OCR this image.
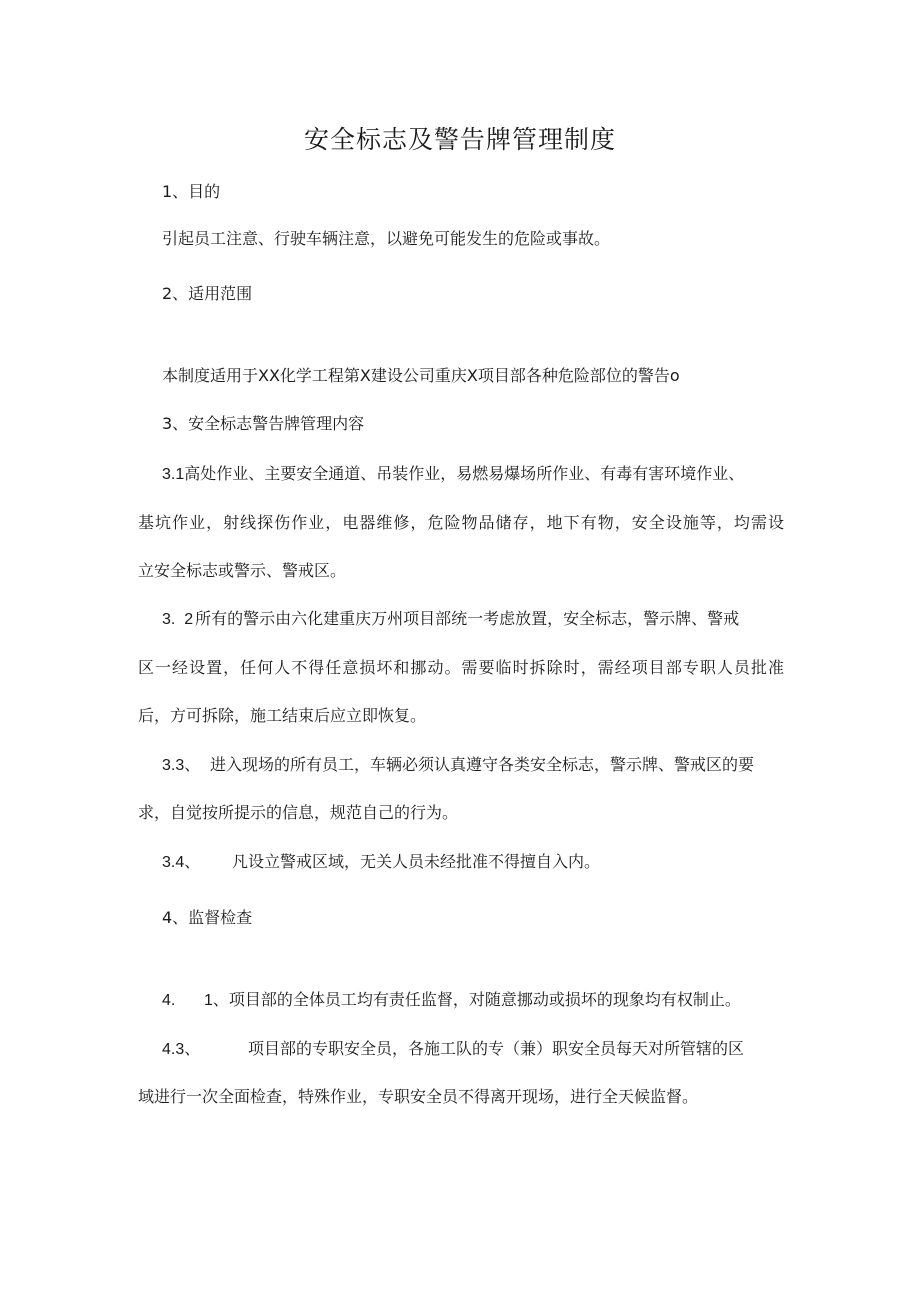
安全标志及警告牌管理制度
1、目的
引起员工注意、行驶车辆注意，以避免可能发生的危险或事故。
2、适用范围
本制度适用于XX化学工程第X建设公司重庆X项目部各种危险部位的警告o
3、安全标志警告牌管理内容
3.1高处作业、主要安全通道、吊装作业，易燃易爆场所作业、有毒有害环境作业、
基坑作业，射线探伤作业，电器维修，危险物品储存，地下有物，安全设施等，均需设
立安全标志或警示、警戒区。
3.  2 所有的警示由六化建重庆万州项目部统一考虑放置，安全标志，警示牌、警戒
区一经设置，任何人不得任意损坏和挪动。需要临时拆除时，需经项目部专职人员批准
后，方可拆除，施工结束后应立即恢复。
3.3、 进入现场的所有员工，车辆必须认真遵守各类安全标志，警示牌、警戒区的要
求，自觉按所提示的信息，规范自己的行为。
3.4、 凡设立警戒区域，无关人员未经批准不得擅自入内。
4、监督检查
4. 1、项目部的全体员工均有责任监督，对随意挪动或损坏的现象均有权制止。
4.3、	项目部的专职安全员，各施工队的专（兼）职安全员每天对所管辖的区
域进行一次全面检查，特殊作业，专职安全员不得离开现场，进行全天候监督。
